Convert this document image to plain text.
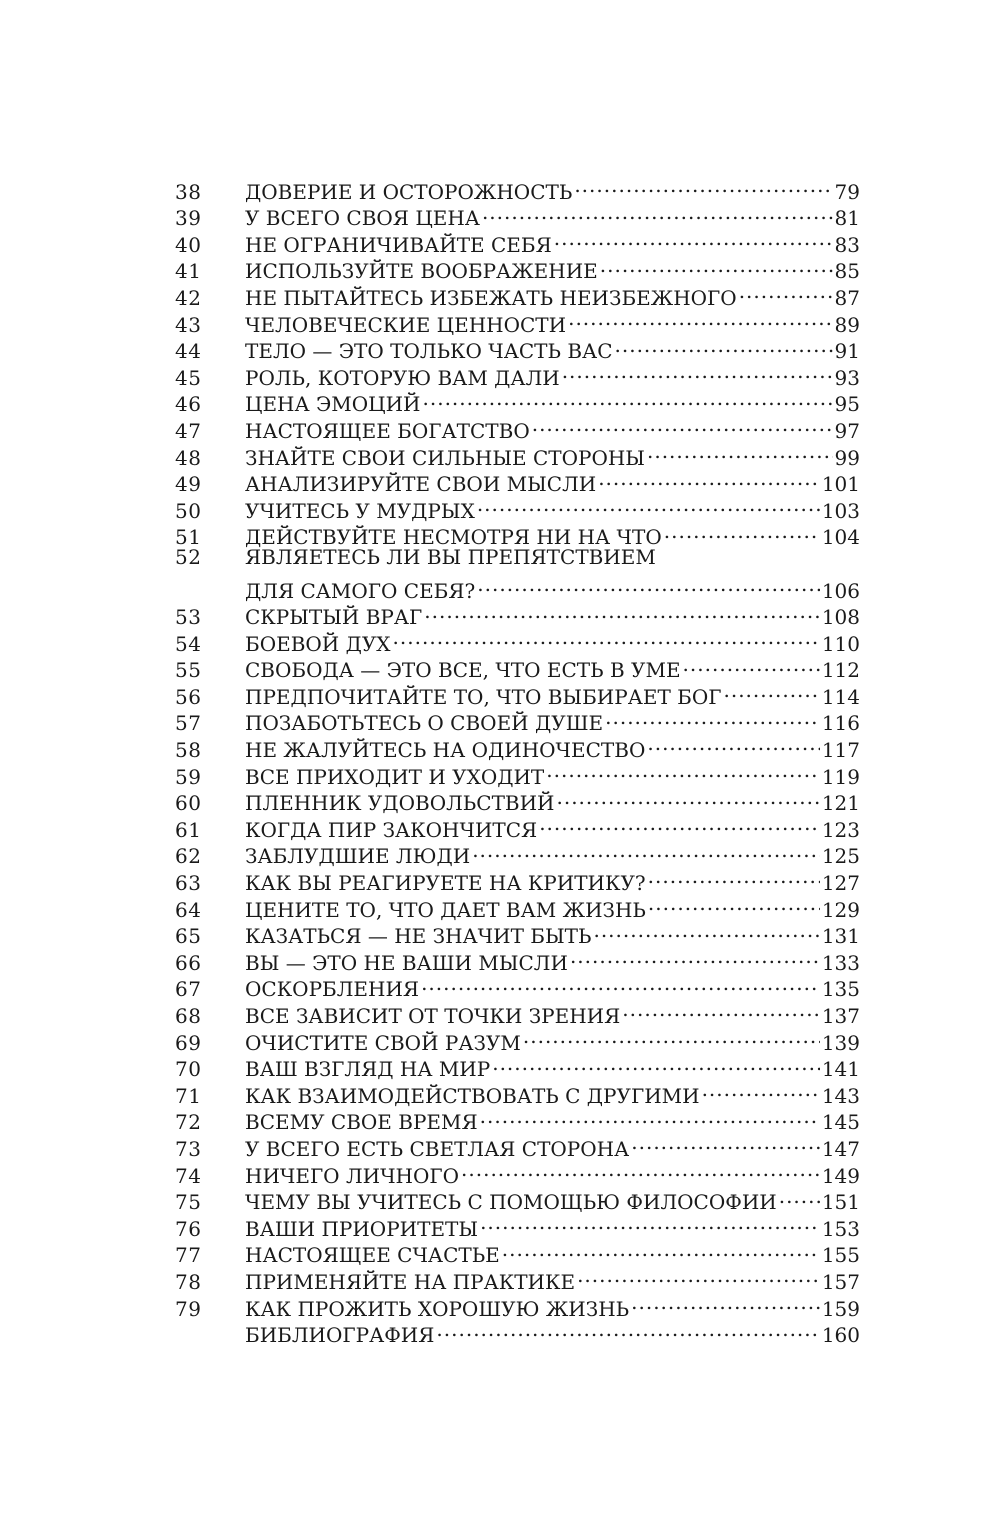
38	ДОВЕРИЕ И ОСТОРОЖНОСТЬ .....	79
39	У ВСЕГО СВОЯ ЦЕНА .....	81
40	НЕ ОГРАНИЧИВАЙТЕ СЕБЯ .....	83
41	ИСПОЛЬЗУЙТЕ ВООБРАЖЕНИЕ .....	85
42	НЕ ПЫТАЙТЕСЬ ИЗБЕЖАТЬ НЕИЗБЕЖНОГО .....	87
43	ЧЕЛОВЕЧЕСКИЕ ЦЕННОСТИ .....	89
44	ТЕЛО — ЭТО ТОЛЬКО ЧАСТЬ ВАС .....	91
45	РОЛЬ, КОТОРУЮ ВАМ ДАЛИ .....	93
46	ЦЕНА ЭМОЦИЙ .....	95
47	НАСТОЯЩЕЕ БОГАТСТВО .....	97
48	ЗНАЙТЕ СВОИ СИЛЬНЫЕ СТОРОНЫ .....	99
49	АНАЛИЗИРУЙТЕ СВОИ МЫСЛИ .....	101
50	УЧИТЕСЬ У МУДРЫХ .....	103
51	ДЕЙСТВУЙТЕ НЕСМОТРЯ НИ НА ЧТО .....	104
52	ЯВЛЯЕТЕСЬ ЛИ ВЫ ПРЕПЯТСТВИЕМ
ДЛЯ САМОГО СЕБЯ? .....	106
53	СКРЫТЫЙ ВРАГ .....	108
54	БОЕВОЙ ДУХ .....	110
55	СВОБОДА — ЭТО ВСЕ, ЧТО ЕСТЬ В УМЕ .....	112
56	ПРЕДПОЧИТАЙТЕ ТО, ЧТО ВЫБИРАЕТ БОГ .....	114
57	ПОЗАБОТЬТЕСЬ О СВОЕЙ ДУШЕ .....	116
58	НЕ ЖАЛУЙТЕСЬ НА ОДИНОЧЕСТВО .....	117
59	ВСЕ ПРИХОДИТ И УХОДИТ .....	119
60	ПЛЕННИК УДОВОЛЬСТВИЙ .....	121
61	КОГДА ПИР ЗАКОНЧИТСЯ .....	123
62	ЗАБЛУДШИЕ ЛЮДИ .....	125
63	КАК ВЫ РЕАГИРУЕТЕ НА КРИТИКУ? .....	127
64	ЦЕНИТЕ ТО, ЧТО ДАЕТ ВАМ ЖИЗНЬ .....	129
65	КАЗАТЬСЯ — НЕ ЗНАЧИТ БЫТЬ .....	131
66	ВЫ — ЭТО НЕ ВАШИ МЫСЛИ .....	133
67	ОСКОРБЛЕНИЯ .....	135
68	ВСЕ ЗАВИСИТ ОТ ТОЧКИ ЗРЕНИЯ .....	137
69	ОЧИСТИТЕ СВОЙ РАЗУМ .....	139
70	ВАШ ВЗГЛЯД НА МИР .....	141
71	КАК ВЗАИМОДЕЙСТВОВАТЬ С ДРУГИМИ .....	143
72	ВСЕМУ СВОЕ ВРЕМЯ .....	145
73	У ВСЕГО ЕСТЬ СВЕТЛАЯ СТОРОНА .....	147
74	НИЧЕГО ЛИЧНОГО .....	149
75	ЧЕМУ ВЫ УЧИТЕСЬ С ПОМОЩЬЮ ФИЛОСОФИИ ..... 151
76	ВАШИ ПРИОРИТЕТЫ .....	153
77	НАСТОЯЩЕЕ СЧАСТЬЕ .....	155
78	ПРИМЕНЯЙТЕ НА ПРАКТИКЕ .....	157
79	КАК ПРОЖИТЬ ХОРОШУЮ ЖИЗНЬ .....	159
БИБЛИОГРАФИЯ .....	160
